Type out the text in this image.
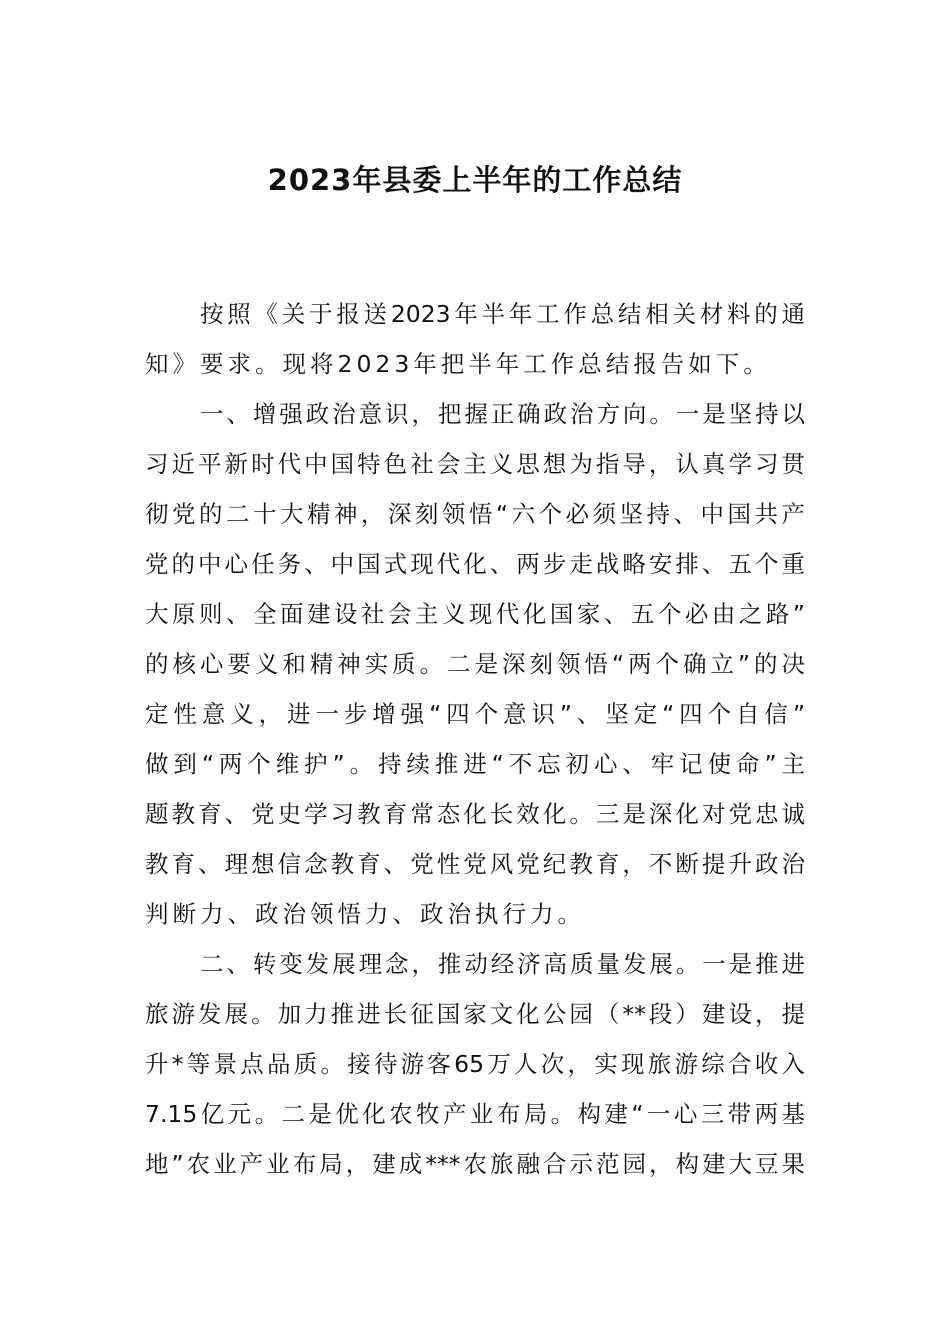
2023年县委上半年的工作总结
按照《关于报送2023年半年工作总结相关材料的通
知》要求。现将2023年把半年工作总结报告如下。
一、增强政治意识，把握正确政治方向。一是坚持以
习近平新时代中国特色社会主义思想为指导，认真学习贯
彻党的二十大精神，深刻领悟“六个必须坚持、中国共产
党的中心任务、中国式现代化、两步走战略安排、五个重
大原则、全面建设社会主义现代化国家、五个必由之路”
的核心要义和精神实质。二是深刻领悟“两个确立”的决
定性意义，进一步增强“四个意识”、坚定“四个自信”
做到“两个维护”。持续推进“不忘初心、牢记使命”主
题教育、党史学习教育常态化长效化。三是深化对党忠诚
教育、理想信念教育、党性党风党纪教育，不断提升政治
判断力、政治领悟力、政治执行力。
二、转变发展理念，推动经济高质量发展。一是推进
旅游发展。加力推进长征国家文化公园（**段）建设，提
升*等景点品质。接待游客65万人次，实现旅游综合收入
7.15亿元。二是优化农牧产业布局。构建“一心三带两基
地”农业产业布局，建成***农旅融合示范园，构建大豆果
